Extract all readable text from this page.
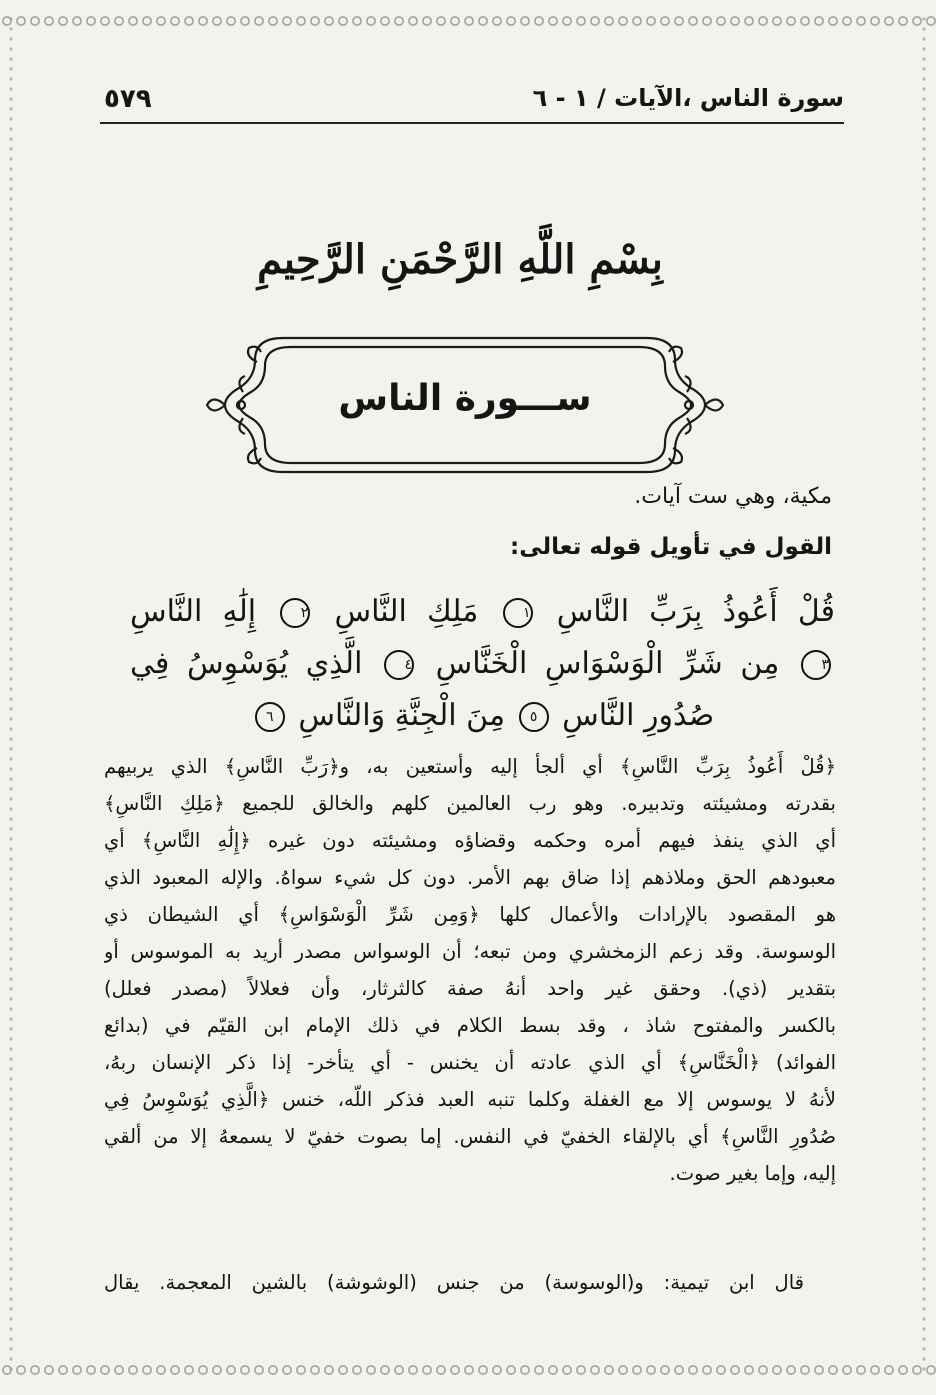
٥٧٩	سورة الناس ،الآيات / ١ - ٦
بِسْمِ اللَّهِ الرَّحْمَنِ الرَّحِيمِ
ســـورة الناس
مكية، وهي ست آيات.
القول في تأويل قوله تعالى:
قُلْ أَعُوذُ بِرَبِّ النَّاسِ ١ مَلِكِ النَّاسِ ٢ إِلَٰهِ النَّاسِ
٣ مِن شَرِّ الْوَسْوَاسِ الْخَنَّاسِ ٤ الَّذِي يُوَسْوِسُ فِي
صُدُورِ النَّاسِ ٥ مِنَ الْجِنَّةِ وَالنَّاسِ ٦
﴿قُلْ أَعُوذُ بِرَبِّ النَّاسِ﴾ أي ألجأ إليه وأستعين به، و﴿رَبِّ النَّاسِ﴾ الذي يربيهم
بقدرته ومشيئته وتدبيره. وهو رب العالمين كلهم والخالق للجميع ﴿مَلِكِ النَّاسِ﴾
أي الذي ينفذ فيهم أمره وحكمه وقضاؤه ومشيئته دون غيره ﴿إِلَٰهِ النَّاسِ﴾ أي
معبودهم الحق وملاذهم إذا ضاق بهم الأمر. دون كل شيء سواهُ. والإله المعبود الذي
هو المقصود بالإرادات والأعمال كلها ﴿وَمِن شَرِّ الْوَسْوَاسِ﴾ أي الشيطان ذي
الوسوسة. وقد زعم الزمخشري ومن تبعه؛ أن الوسواس مصدر أريد به الموسوس أو
بتقدير (ذي). وحقق غير واحد أنهُ صفة كالثرثار، وأن فعلالاً (مصدر فعلل)
بالكسر والمفتوح شاذ ، وقد بسط الكلام في ذلك الإمام ابن القيّم في (بدائع
الفوائد) ﴿الْخَنَّاسِ﴾ أي الذي عادته أن يخنس - أي يتأخر- إذا ذكر الإنسان ربهُ،
لأنهُ لا يوسوس إلا مع الغفلة وكلما تنبه العبد فذكر اللّه، خنس ﴿الَّذِي يُوَسْوِسُ فِي
صُدُورِ النَّاسِ﴾ أي بالإلقاء الخفيّ في النفس. إما بصوت خفيّ لا يسمعهُ إلا من ألقي
إليه، وإما بغير صوت.
قال ابن تيمية: و(الوسوسة) من جنس (الوشوشة) بالشين المعجمة. يقال
